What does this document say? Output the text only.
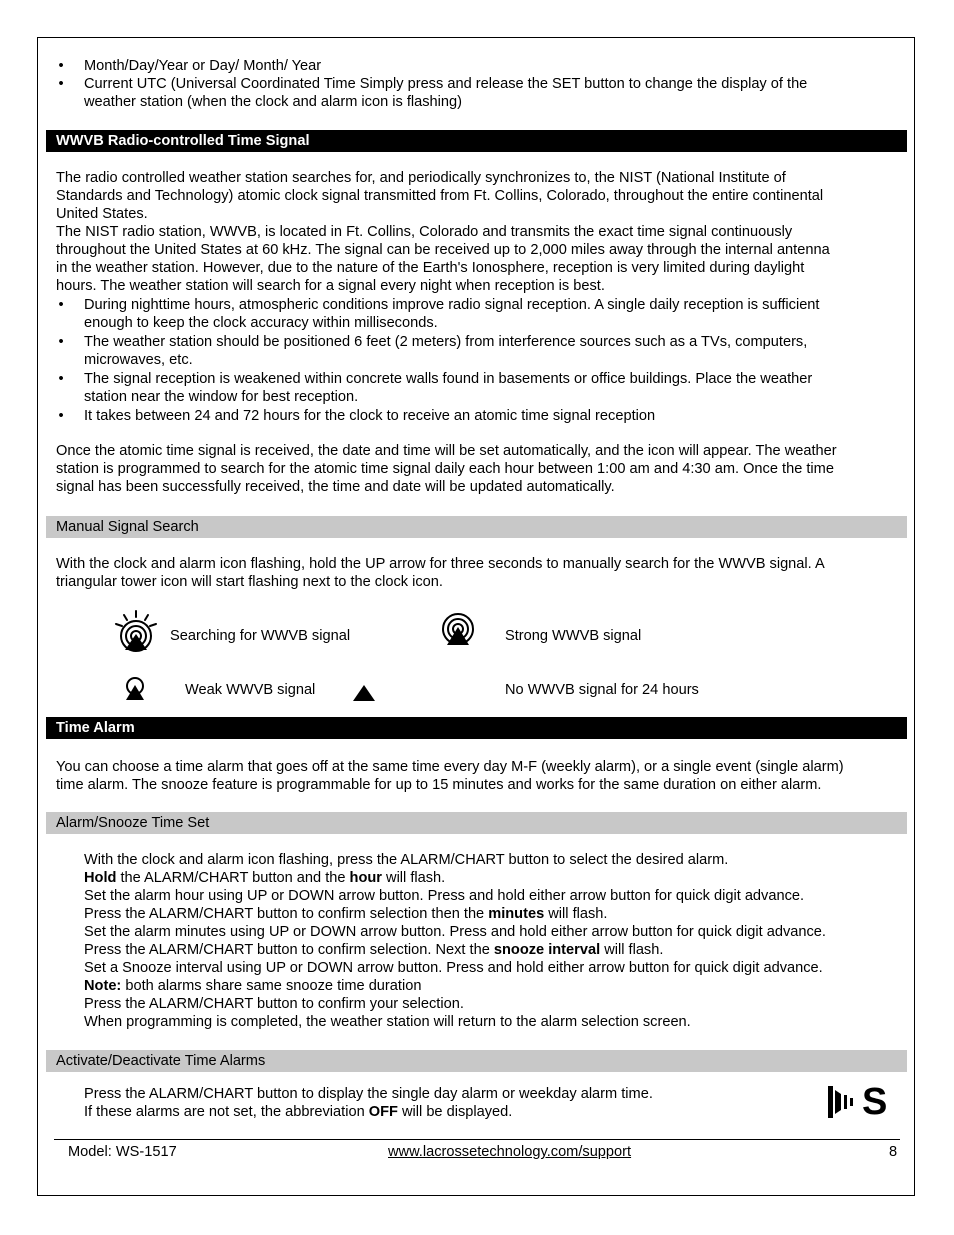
• Month/Day/Year or Day/ Month/ Year
• Current UTC (Universal Coordinated Time Simply press and release the SET button to change the display of the
weather station (when the clock and alarm icon is flashing)
WWVB Radio-controlled Time Signal
The radio controlled weather station searches for, and periodically synchronizes to, the NIST (National Institute of
Standards and Technology) atomic clock signal transmitted from Ft. Collins, Colorado, throughout the entire continental
United States.
The NIST radio station, WWVB, is located in Ft. Collins, Colorado and transmits the exact time signal continuously
throughout the United States at 60 kHz. The signal can be received up to 2,000 miles away through the internal antenna
in the weather station. However, due to the nature of the Earth's Ionosphere, reception is very limited during daylight
hours. The weather station will search for a signal every night when reception is best.
• During nighttime hours, atmospheric conditions improve radio signal reception. A single daily reception is sufficient
enough to keep the clock accuracy within milliseconds.
• The weather station should be positioned 6 feet (2 meters) from interference sources such as a TVs, computers,
microwaves, etc.
• The signal reception is weakened within concrete walls found in basements or office buildings. Place the weather
station near the window for best reception.
• It takes between 24 and 72 hours for the clock to receive an atomic time signal reception
Once the atomic time signal is received, the date and time will be set automatically, and the icon will appear. The weather
station is programmed to search for the atomic time signal daily each hour between 1:00 am and 4:30 am. Once the time
signal has been successfully received, the time and date will be updated automatically.
Manual Signal Search
With the clock and alarm icon flashing, hold the UP arrow for three seconds to manually search for the WWVB signal. A
triangular tower icon will start flashing next to the clock icon.
Searching for WWVB signal	Strong WWVB signal
Weak WWVB signal	No WWVB signal for 24 hours
Time Alarm
You can choose a time alarm that goes off at the same time every day M-F (weekly alarm), or a single event (single alarm)
time alarm. The snooze feature is programmable for up to 15 minutes and works for the same duration on either alarm.
Alarm/Snooze Time Set
With the clock and alarm icon flashing, press the ALARM/CHART button to select the desired alarm.
Hold the ALARM/CHART button and the hour will flash.
Set the alarm hour using UP or DOWN arrow button. Press and hold either arrow button for quick digit advance.
Press the ALARM/CHART button to confirm selection then the minutes will flash.
Set the alarm minutes using UP or DOWN arrow button. Press and hold either arrow button for quick digit advance.
Press the ALARM/CHART button to confirm selection. Next the snooze interval will flash.
Set a Snooze interval using UP or DOWN arrow button. Press and hold either arrow button for quick digit advance.
Note: both alarms share same snooze time duration
Press the ALARM/CHART button to confirm your selection.
When programming is completed, the weather station will return to the alarm selection screen.
Activate/Deactivate Time Alarms
Press the ALARM/CHART button to display the single day alarm or weekday alarm time.
If these alarms are not set, the abbreviation OFF will be displayed.	S
Model: WS-1517	www.lacrossetechnology.com/support	8
